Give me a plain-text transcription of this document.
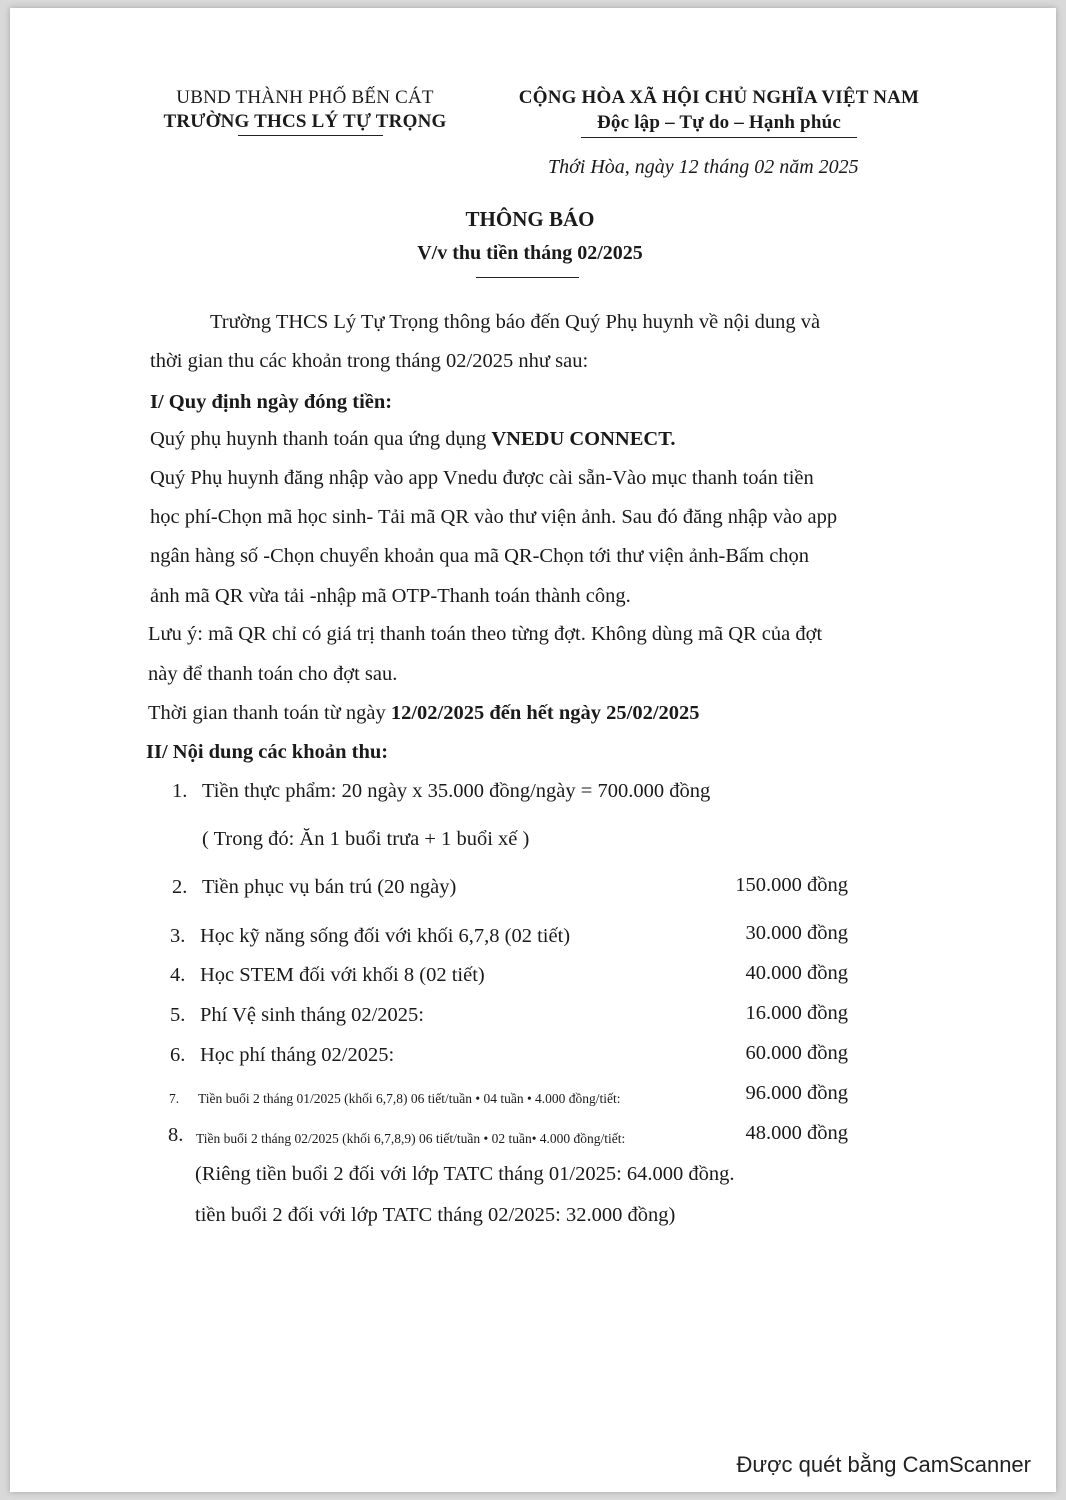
UBND THÀNH PHỐ BẾN CÁT
TRƯỜNG THCS LÝ TỰ TRỌNG
CỘNG HÒA XÃ HỘI CHỦ NGHĨA VIỆT NAM
Độc lập – Tự do – Hạnh phúc
Thới Hòa, ngày 12 tháng 02 năm 2025
THÔNG BÁO
V/v thu tiền tháng 02/2025
Trường THCS Lý Tự Trọng thông báo đến Quý Phụ huynh về nội dung và
thời gian thu các khoản trong tháng 02/2025 như sau:
I/ Quy định ngày đóng tiền:
Quý phụ huynh thanh toán qua ứng dụng VNEDU CONNECT.
Quý Phụ huynh đăng nhập vào app Vnedu được cài sẵn-Vào mục thanh toán tiền
học phí-Chọn mã học sinh- Tải mã QR vào thư viện ảnh. Sau đó đăng nhập vào app
ngân hàng số -Chọn chuyển khoản qua mã QR-Chọn tới thư viện ảnh-Bấm chọn
ảnh mã QR vừa tải -nhập mã OTP-Thanh toán thành công.
Lưu ý: mã QR chỉ có giá trị thanh toán theo từng đợt. Không dùng mã QR của đợt
này để thanh toán cho đợt sau.
Thời gian thanh toán từ ngày 12/02/2025 đến hết ngày 25/02/2025
II/ Nội dung các khoản thu:
1. Tiền thực phẩm: 20 ngày x 35.000 đồng/ngày = 700.000 đồng
( Trong đó: Ăn 1 buổi trưa + 1 buổi xế )
2. Tiền phục vụ bán trú (20 ngày)	150.000 đồng
3. Học kỹ năng sống đối với khối 6,7,8 (02 tiết)	30.000 đồng
4. Học STEM đối với khối 8 (02 tiết)	40.000 đồng
5. Phí Vệ sinh tháng 02/2025:	16.000 đồng
6. Học phí tháng 02/2025:	60.000 đồng
7. Tiền buổi 2 tháng 01/2025 (khối 6,7,8) 06 tiết/tuần • 04 tuần • 4.000 đồng/tiết:	96.000 đồng
8. Tiền buổi 2 tháng 02/2025 (khối 6,7,8,9) 06 tiết/tuần • 02 tuần• 4.000 đồng/tiết:	48.000 đồng
(Riêng tiền buổi 2 đối với lớp TATC tháng 01/2025: 64.000 đồng.
tiền buổi 2 đối với lớp TATC tháng 02/2025: 32.000 đồng)
Được quét bằng CamScanner
